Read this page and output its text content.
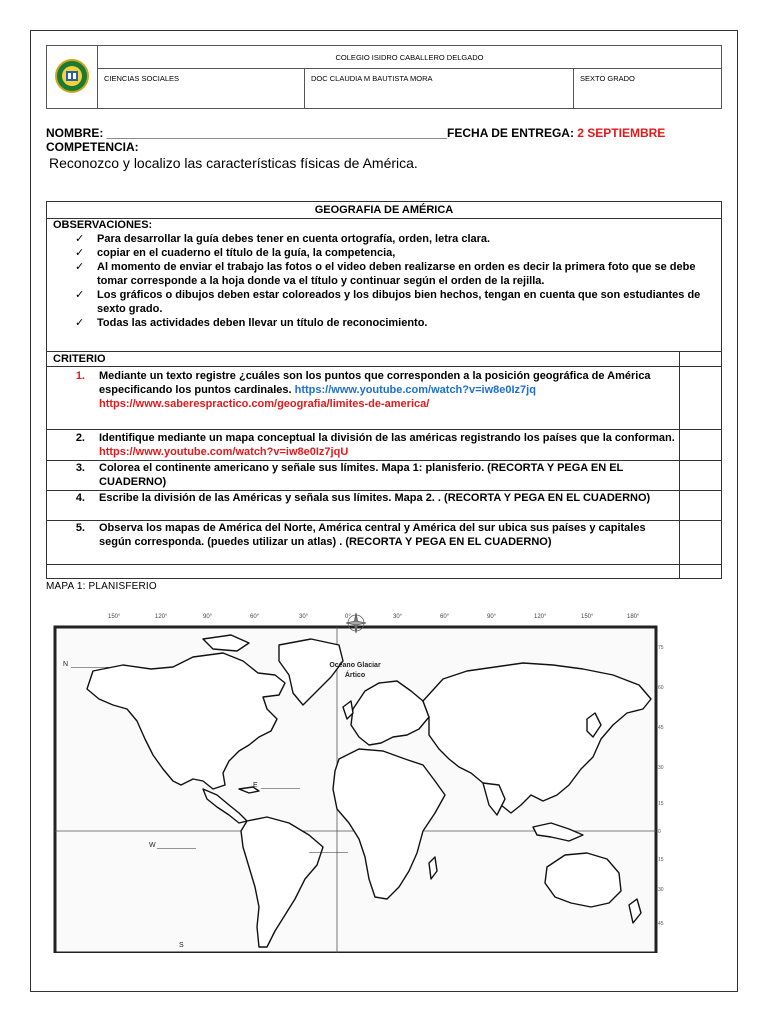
	COLEGIO ISIDRO CABALLERO DELGADO		
	CIENCIAS SOCIALES	DOC CLAUDIA M BAUTISTA MORA	SEXTO GRADO
NOMBRE: ___________________________________________________FECHA DE ENTREGA: 2 SEPTIEMBRE
COMPETENCIA:
Reconozco y localizo las características físicas de América.
GEOGRAFIA DE AMÉRICA
OBSERVACIONES:
✓ Para desarrollar la guía debes tener en cuenta ortografía, orden, letra clara.
✓ copiar en el cuaderno el título de la guía, la competencia,
✓ Al momento de enviar el trabajo las fotos o el video deben realizarse en orden es decir la primera foto que se debe tomar corresponde a la hoja donde va el título y continuar según el orden de la rejilla.
✓ Los gráficos o dibujos deben estar coloreados y los dibujos bien hechos, tengan en cuenta que son estudiantes de sexto grado.
✓ Todas las actividades deben llevar un título de reconocimiento.
CRITERIO
1. Mediante un texto registre ¿cuáles son los puntos que corresponden a la posición geográfica de América especificando los puntos cardinales. https://www.youtube.com/watch?v=iw8e0Iz7jq https://www.saberespractico.com/geografia/limites-de-america/
2. Identifique mediante un mapa conceptual la división de las américas registrando los países que la conforman. https://www.youtube.com/watch?v=iw8e0Iz7jqU
3. Colorea el continente americano y señale sus límites. Mapa 1: planisferio. (RECORTA Y PEGA EN EL CUADERNO)
4. Escribe la división de las Américas y señala sus límites. Mapa 2. . (RECORTA Y PEGA EN EL CUADERNO)
5. Observa los mapas de América del Norte, América central y América del sur ubica sus países y capitales según corresponda. (puedes utilizar un atlas) . (RECORTA Y PEGA EN EL CUADERNO)
MAPA 1: PLANISFERIO
150°	120°	90°	60°	30°	0°	30°	60°	90°	120°	150°	180°
Océano Glaciar
Ártico
N __________
E __________
W __________
__________
S
75
60
45
30
15
0
15
30
45
